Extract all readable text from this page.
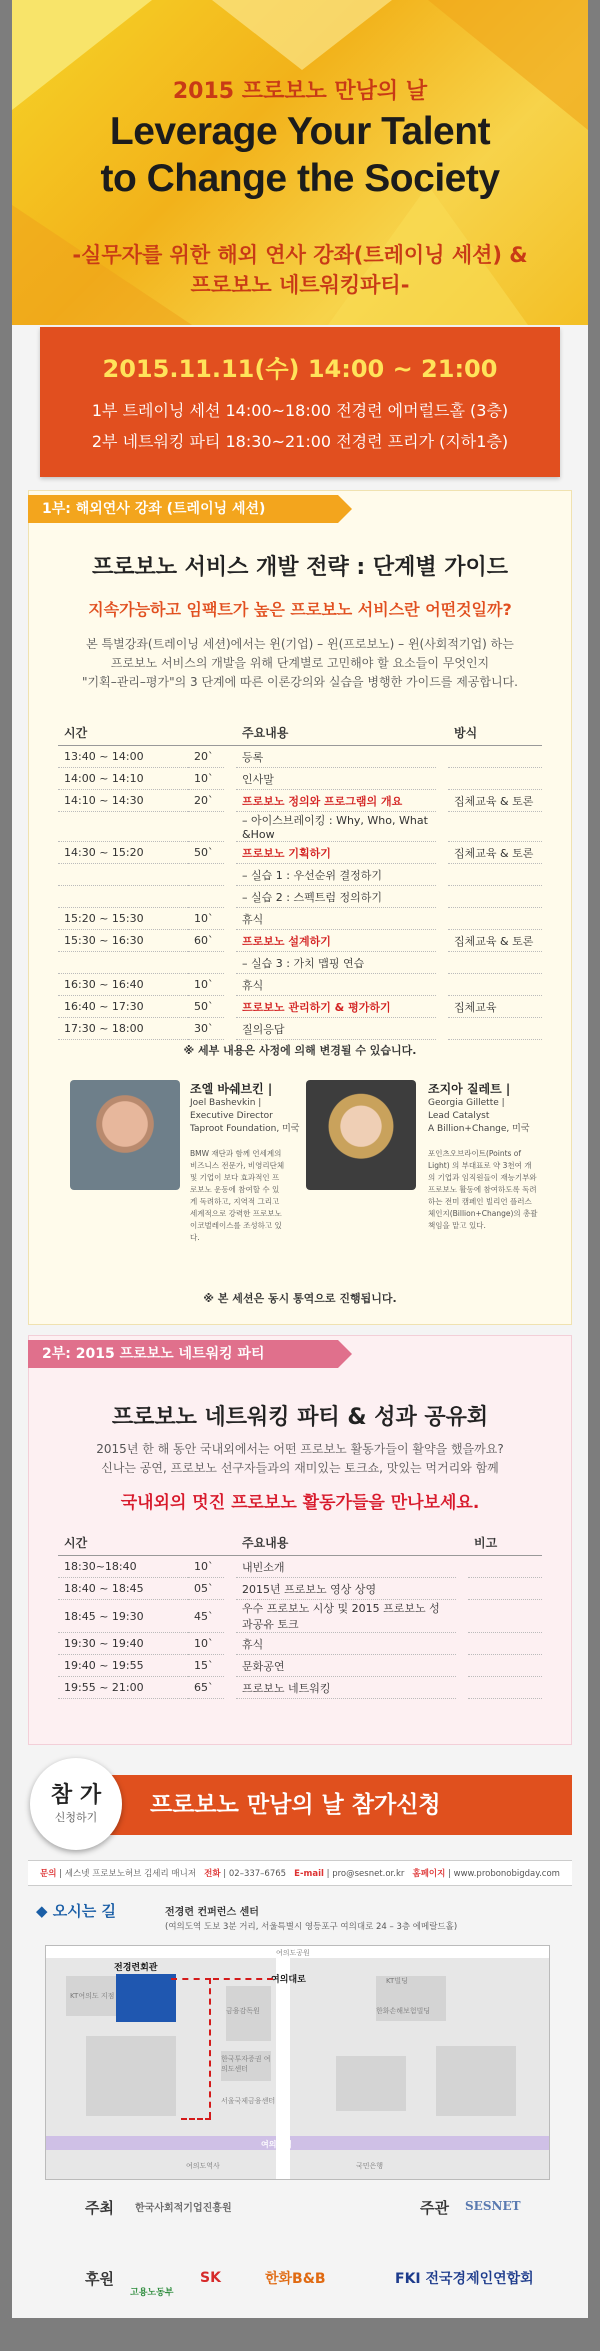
2015 프로보노 만남의 날
Leverage Your Talent
to Change the Society
-실무자를 위한 해외 연사 강좌(트레이닝 세션) &
프로보노 네트워킹파티-
2015.11.11(수) 14:00 ~ 21:00
1부 트레이닝 세션 14:00~18:00 전경련 에머럴드홀 (3층)
2부 네트워킹 파티 18:30~21:00 전경련 프리가 (지하1층)
1부: 해외연사 강좌 (트레이닝 세션)
프로보노 서비스 개발 전략 : 단계별 가이드
지속가능하고 임팩트가 높은 프로보노 서비스란 어떤것일까?
본 특별강좌(트레이닝 세션)에서는 윈(기업) – 윈(프로보노) – 윈(사회적기업) 하는
프로보노 서비스의 개발을 위해 단계별로 고민해야 할 요소들이 무엇인지
"기획–관리–평가"의 3 단계에 따른 이론강의와 실습을 병행한 가이드를 제공합니다.
시간			주요내용		방식
13:40 ~ 14:00	20`		등록		
14:00 ~ 14:10	10`		인사말		
14:10 ~ 14:30	20`		프로보노 정의와 프로그램의 개요		집체교육 & 토론
			– 아이스브레이킹 : Why, Who, What &How		
14:30 ~ 15:20	50`		프로보노 기획하기		집체교육 & 토론
			– 실습 1 : 우선순위 결정하기		
			– 실습 2 : 스펙트럼 정의하기		
15:20 ~ 15:30	10`		휴식		
15:30 ~ 16:30	60`		프로보노 설계하기		집체교육 & 토론
			– 실습 3 : 가치 맵핑 연습		
16:30 ~ 16:40	10`		휴식		
16:40 ~ 17:30	50`		프로보노 관리하기 & 평가하기		집체교육
17:30 ~ 18:00	30`		질의응답		
※ 세부 내용은 사정에 의해 변경될 수 있습니다.
조엘 바쉐브킨 |
Joel Bashevkin |
Executive Director
Taproot Foundation, 미국
BMW 재단과 함께 언세계의 비즈니스 전문가, 비영리단체 및 기업이 보다 효과적인 프로보노 운동에 참여할 수 있게 독려하고, 지역적 그리고 세계적으로 강력한 프로보노 이코벌레이스를 조성하고 있다.
조지아 질레트 |
Georgia Gillette |
Lead Catalyst
A Billion+Change, 미국
포인츠오브라이트(Points of Light) 의 부대표로 약 3천여 개의 기업과 임직원들이 재능기부와 프로보노 활동에 참여하도록 독려하는 전미 캠페인 빌리언 플러스 체인지(Billion+Change)의 총괄책임을 맡고 있다.
※ 본 세션은 동시 통역으로 진행됩니다.
2부: 2015 프로보노 네트워킹 파티
프로보노 네트워킹 파티 & 성과 공유회
2015년 한 해 동안 국내외에서는 어떤 프로보노 활동가들이 활약을 했을까요?
신나는 공연, 프로보노 선구자들과의 재미있는 토크쇼, 맛있는 먹거리와 함께
국내외의 멋진 프로보노 활동가들을 만나보세요.
시간			주요내용		비고
18:30~18:40	10`		내빈소개		
18:40 ~ 18:45	05`		2015년 프로보노 영상 상영		
18:45 ~ 19:30	45`		우수 프로보노 시상 및 2015 프로보노 성과공유 토크		
19:30 ~ 19:40	10`		휴식		
19:40 ~ 19:55	15`		문화공연		
19:55 ~ 21:00	65`		프로보노 네트워킹		
프로보노 만남의 날 참가신청
참 가
신청하기
문의 | 세스넷 프로보노허브 김세리 매니저 전화 | 02–337–6765 E-mail | pro@sesnet.or.kr 홈페이지 | www.probonobigday.com
◆ 오시는 길	전경련 컨퍼런스 센터
(여의도역 도보 3분 거리, 서울특별시 영등포구 여의대로 24 – 3층 에메랄드홀)
여의도공원
KT여의도 지점
전경련회관
금융감독원
여의대로	KT빌딩
한화손해보험빌딩
한국투자증권 여의도센터
서울국제금융센터
여의도역
여의도역사	국민은행
주최 한국사회적기업진흥원	주관 SESNET
후원
고용노동부
SK	한화B&B	FKI 전국경제인연합회
